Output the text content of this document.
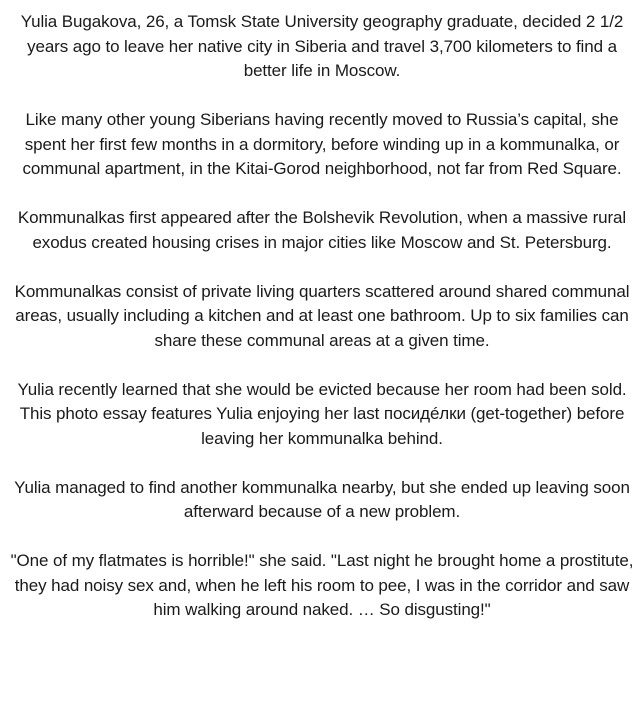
Yulia Bugakova, 26, a Tomsk State University geography graduate, decided 2 1/2 years ago to leave her native city in Siberia and travel 3,700 kilometers to find a better life in Moscow.

Like many other young Siberians having recently moved to Russia’s capital, she spent her first few months in a dormitory, before winding up in a kommunalka, or communal apartment, in the Kitai-Gorod neighborhood, not far from Red Square.

Kommunalkas first appeared after the Bolshevik Revolution, when a massive rural exodus created housing crises in major cities like Moscow and St. Petersburg.

Kommunalkas consist of private living quarters scattered around shared communal areas, usually including a kitchen and at least one bathroom. Up to six families can share these communal areas at a given time.

Yulia recently learned that she would be evicted because her room had been sold. This photo essay features Yulia enjoying her last посидéлки (get-together) before leaving her kommunalka behind.

Yulia managed to find another kommunalka nearby, but she ended up leaving soon afterward because of a new problem.

"One of my flatmates is horrible!" she said. "Last night he brought home a prostitute, they had noisy sex and, when he left his room to pee, I was in the corridor and saw him walking around naked. … So disgusting!"
